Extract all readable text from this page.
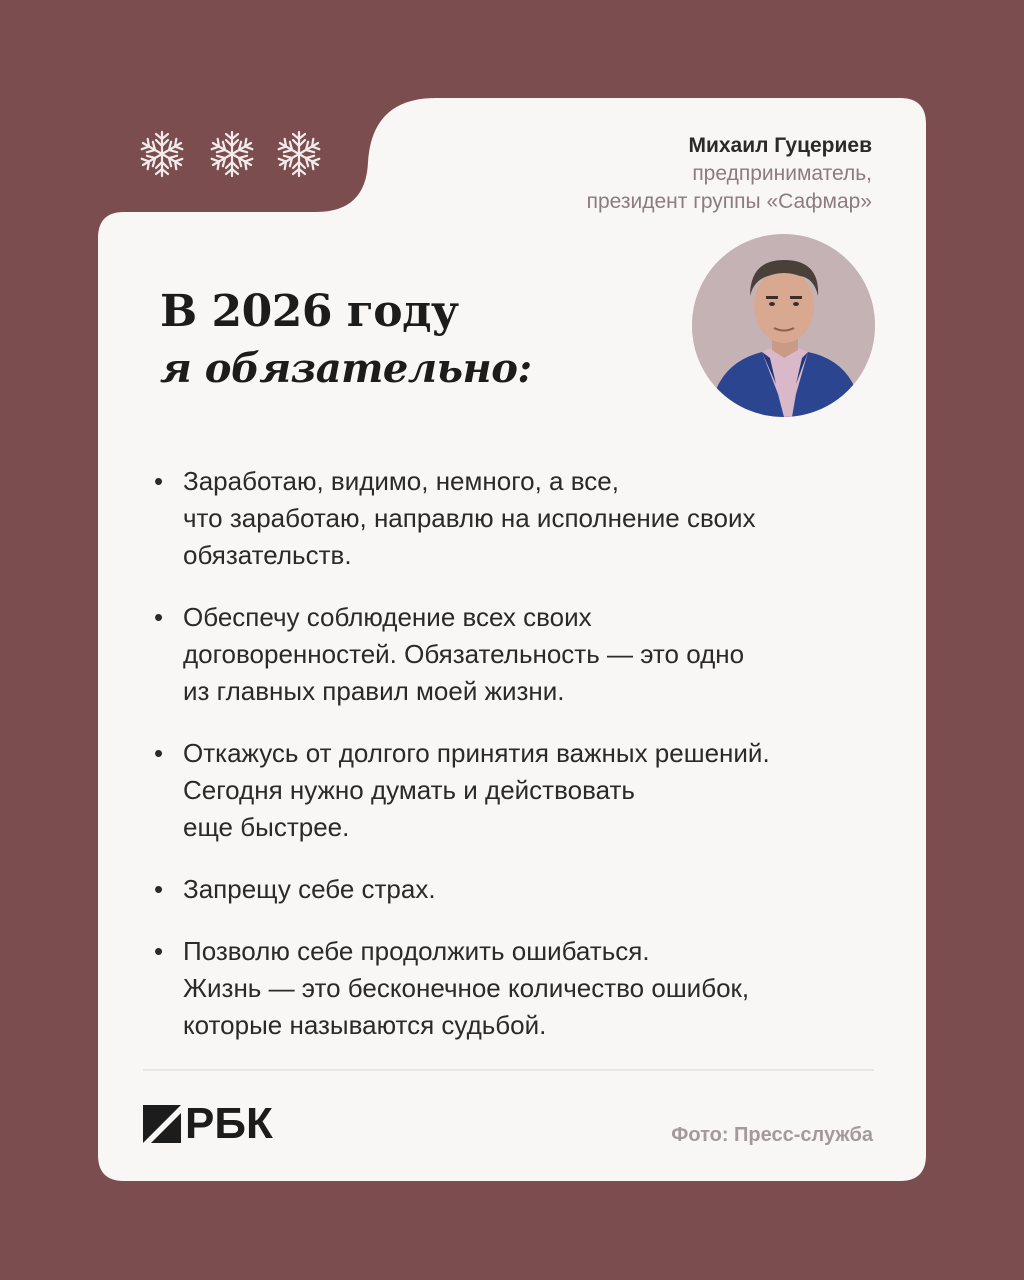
Михаил Гуцериев
предприниматель,
президент группы «Сафмар»
В 2026 году
я обязательно:
• Заработаю, видимо, немного, а все,
что заработаю, направлю на исполнение своих
обязательств.
• Обеспечу соблюдение всех своих
договоренностей. Обязательность — это одно
из главных правил моей жизни.
• Откажусь от долгого принятия важных решений.
Сегодня нужно думать и действовать
еще быстрее.
• Запрещу себе страх.
• Позволю себе продолжить ошибаться.
Жизнь — это бесконечное количество ошибок,
которые называются судьбой.
РБК	Фото: Пресс-служба
